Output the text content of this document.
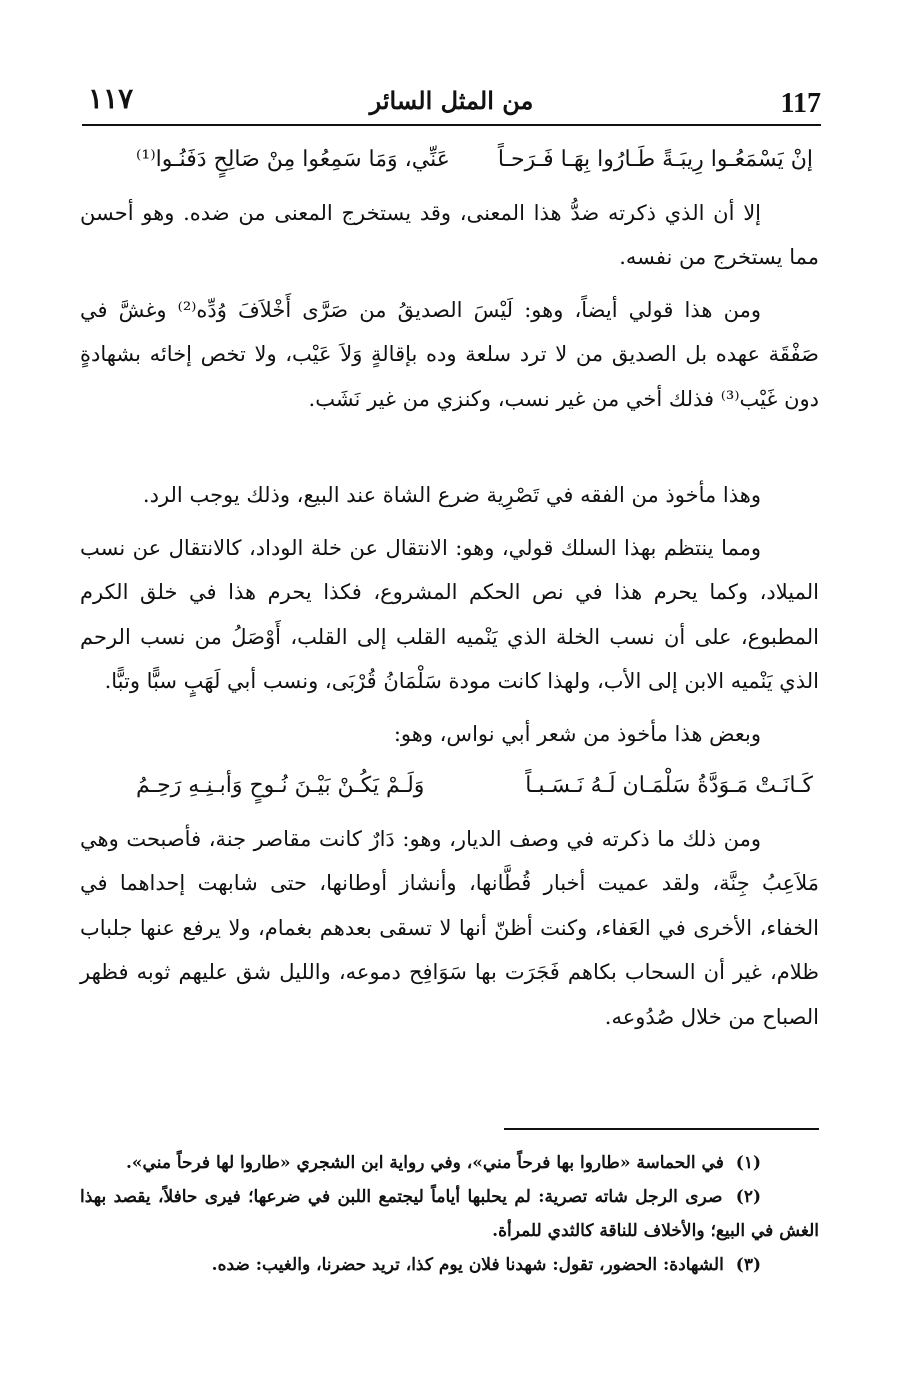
117
من المثل السائر
١١٧
إنْ يَسْمَعُـوا رِيبَـةً طَـارُوا بِهَـا فَـرَحـاً
عَنِّي، وَمَا سَمِعُوا مِنْ صَالِحٍ دَفَنُـوا⁽¹⁾

إلا أن الذي ذكرته ضدُّ هذا المعنى، وقد يستخرج المعنى من ضده. وهو أحسن مما يستخرج من نفسه.

ومن هذا قولي أيضاً، وهو: لَيْسَ الصديقُ من صَرَّى أَخْلاَفَ وُدِّه⁽²⁾ وغشَّ في صَفْقَة عهده بل الصديق من لا ترد سلعة وده بإقالةٍ وَلاَ عَيْب، ولا تخص إخائه بشهادةٍ دون غَيْب⁽³⁾ فذلك أخي من غير نسب، وكنزي من غير نَشَب.

وهذا مأخوذ من الفقه في تَصْرِية ضرع الشاة عند البيع، وذلك يوجب الرد.

ومما ينتظم بهذا السلك قولي، وهو: الانتقال عن خلة الوداد، كالانتقال عن نسب الميلاد، وكما يحرم هذا في نص الحكم المشروع، فكذا يحرم هذا في خلق الكرم المطبوع، على أن نسب الخلة الذي يَنْميه القلب إلى القلب، أَوْصَلُ من نسب الرحم الذي يَنْميه الابن إلى الأب، ولهذا كانت مودة سَلْمَانُ قُرْبَى، ونسب أبي لَهَبٍ سبًّا وتبًّا.

وبعض هذا مأخوذ من شعر أبي نواس، وهو:

كَـانَـتْ مَـوَدَّةُ سَلْمَـان لَـهُ نَـسَـبـاً
وَلَـمْ يَكُـنْ بَيْـنَ نُـوحٍ وَأبـنِـهِ رَحِـمُ

ومن ذلك ما ذكرته في وصف الديار، وهو: دَارٌ كانت مقاصر جنة، فأصبحت وهي مَلاَعِبُ جِنَّة، ولقد عميت أخبار قُطَّانها، وأنشاز أوطانها، حتى شابهت إحداهما في الخفاء، الأخرى في العَفاء، وكنت أظنّ أنها لا تسقى بعدهم بغمام، ولا يرفع عنها جلباب ظلام، غير أن السحاب بكاهم فَجَرَت بها سَوَافِح دموعه، والليل شق عليهم ثوبه فظهر الصباح من خلال صُدُوعه.

(١) في الحماسة «طاروا بها فرحاً مني»، وفي رواية ابن الشجري «طاروا لها فرحاً مني».

(٢) صرى الرجل شاته تصرية: لم يحلبها أياماً ليجتمع اللبن في ضرعها؛ فيرى حافلاً، يقصد بهذا الغش في البيع؛ والأخلاف للناقة كالثدي للمرأة.

(٣) الشهادة: الحضور، تقول: شهدنا فلان يوم كذا، تريد حضرنا، والغيب: ضده.
